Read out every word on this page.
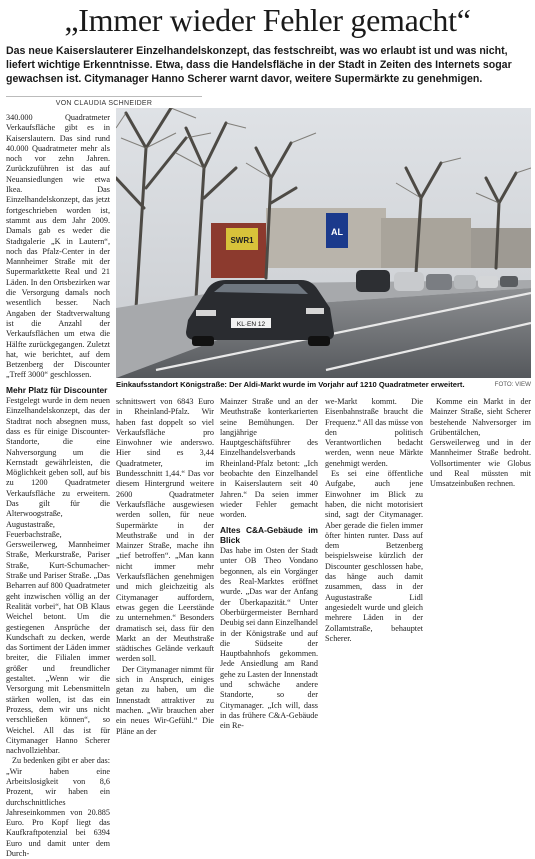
„Immer wieder Fehler gemacht“
Das neue Kaiserslauterer Einzelhandelskonzept, das festschreibt, was wo erlaubt ist und was nicht, liefert wichtige Erkenntnisse. Etwa, dass die Handelsfläche in der Stadt in Zeiten des Internets sogar gewachsen ist. Citymanager Hanno Scherer warnt davor, weitere Supermärkte zu genehmigen.
VON CLAUDIA SCHNEIDER
340.000 Quadratmeter Verkaufsfläche gibt es in Kaiserslautern. Das sind rund 40.000 Quadratmeter mehr als noch vor zehn Jahren. Zurückzuführen ist das auf Neuansiedlungen wie etwa Ikea. Das Einzelhandelskonzept, das jetzt fortgeschrieben worden ist, stammt aus dem Jahr 2009. Damals gab es weder die Stadtgalerie „K in Lautern“, noch das Pfalz-Center in der Mannheimer Straße mit der Supermarktkette Real und 21 Läden. In den Ortsbezirken war die Versorgung damals noch wesentlich besser. Nach Angaben der Stadtverwaltung ist die Anzahl der Verkaufsflächen um etwa die Hälfte zurückgegangen. Zuletzt hat, wie berichtet, auf dem Betzenberg der Discounter „Treff 3000“ geschlossen.
Mehr Platz für Discounter
Festgelegt wurde in dem neuen Einzelhandelskonzept, das der Stadtrat noch absegnen muss, dass es für einige Discounter-Standorte, die eine Nahversorgung um die Kernstadt gewährleisten, die Möglichkeit geben soll, auf bis zu 1200 Quadratmeter Verkaufsfläche zu erweitern. Das gilt für die Alterwoogstraße, Augustastraße, Feuerbachstraße, Gersweilerweg, Mannheimer Straße, Merkurstraße, Pariser Straße, Kurt-Schumacher-Straße und Pariser Straße. „Das Beharren auf 800 Quadratmeter geht inzwischen völlig an der Realität vorbei“, hat OB Klaus Weichel betont. Um die gestiegenen Ansprüche der Kundschaft zu decken, werde das Sortiment der Läden immer breiter, die Filialen immer größer und freundlicher gestaltet. „Wenn wir die Versorgung mit Lebensmitteln stärken wollen, ist das ein Prozess, dem wir uns nicht verschließen können“, so Weichel. All das ist für Citymanager Hanno Scherer nachvollziehbar.
Zu bedenken gibt er aber das: „Wir haben eine Arbeitslosigkeit von 8,6 Prozent, wir haben ein durchschnittliches Jahreseinkommen von 20.885 Euro. Pro Kopf liegt das Kaufkraftpotenzial bei 6394 Euro und damit unter dem Durch-
SWR1
AL
KL·EN 12
Einkaufsstandort Königstraße: Der Aldi-Markt wurde im Vorjahr auf 1210 Quadratmeter erweitert.	FOTO: VIEW
schnittswert von 6843 Euro in Rheinland-Pfalz. Wir haben fast doppelt so viel Verkaufsfläche pro Einwohner wie anderswo. Hier sind es 3,44 Quadratmeter, im Bundesschnitt 1,44.“ Das vor diesem Hintergrund weitere 2600 Quadratmeter Verkaufsfläche ausgewiesen werden sollen, für neue Supermärkte in der Meuthstraße und in der Mainzer Straße, mache ihn „tief betroffen“. „Man kann nicht immer mehr Verkaufsflächen genehmigen und mich gleichzeitig als Citymanager auffordern, etwas gegen die Leerstände zu unternehmen.“ Besonders dramatisch sei, dass für den Markt an der Meuthstraße städtisches Gelände verkauft werden soll.
Der Citymanager nimmt für sich in Anspruch, einiges getan zu haben, um die Innenstadt attraktiver zu machen. „Wir brauchen aber ein neues Wir-Gefühl.“ Die Pläne an der
Mainzer Straße und an der Meuthstraße konterkarierten seine Bemühungen. Der langjährige Hauptgeschäftsführer des Einzelhandelsverbands Rheinland-Pfalz betont: „Ich beobachte den Einzelhandel in Kaiserslautern seit 40 Jahren.“ Da seien immer wieder Fehler gemacht worden.
Altes C&A-Gebäude im Blick
Das habe im Osten der Stadt unter OB Theo Vondano begonnen, als ein Vorgänger des Real-Marktes eröffnet wurde. „Das war der Anfang der Überkapazität.“ Unter Oberbürgermeister Bernhard Deubig sei dann Einzelhandel in der Königstraße und auf die Südseite der Hauptbahnhofs gekommen. Jede Ansiedlung am Rand gehe zu Lasten der Innenstadt und schwäche andere Standorte, so der Citymanager. „Ich will, dass in das frühere C&A-Gebäude ein Re-
we-Markt kommt. Die Eisenbahnstraße braucht die Frequenz.“ All das müsse von den politisch Verantwortlichen bedacht werden, wenn neue Märkte genehmigt werden.
Es sei eine öffentliche Aufgabe, auch jene Einwohner im Blick zu haben, die nicht motorisiert sind, sagt der Citymanager. Aber gerade die fielen immer öfter hinten runter. Dass auf dem Betzenberg beispielsweise kürzlich der Discounter geschlossen habe, das hänge auch damit zusammen, dass in der Augustastraße Lidl angesiedelt wurde und gleich mehrere Läden in der Zollamtstraße, behauptet Scherer.
Komme ein Markt in der Mainzer Straße, sieht Scherer bestehende Nahversorger im Grübentälchen, Gersweilerweg und in der Mannheimer Straße bedroht. Vollsortimenter wie Globus und Real müssten mit Umsatzeinbußen rechnen.
